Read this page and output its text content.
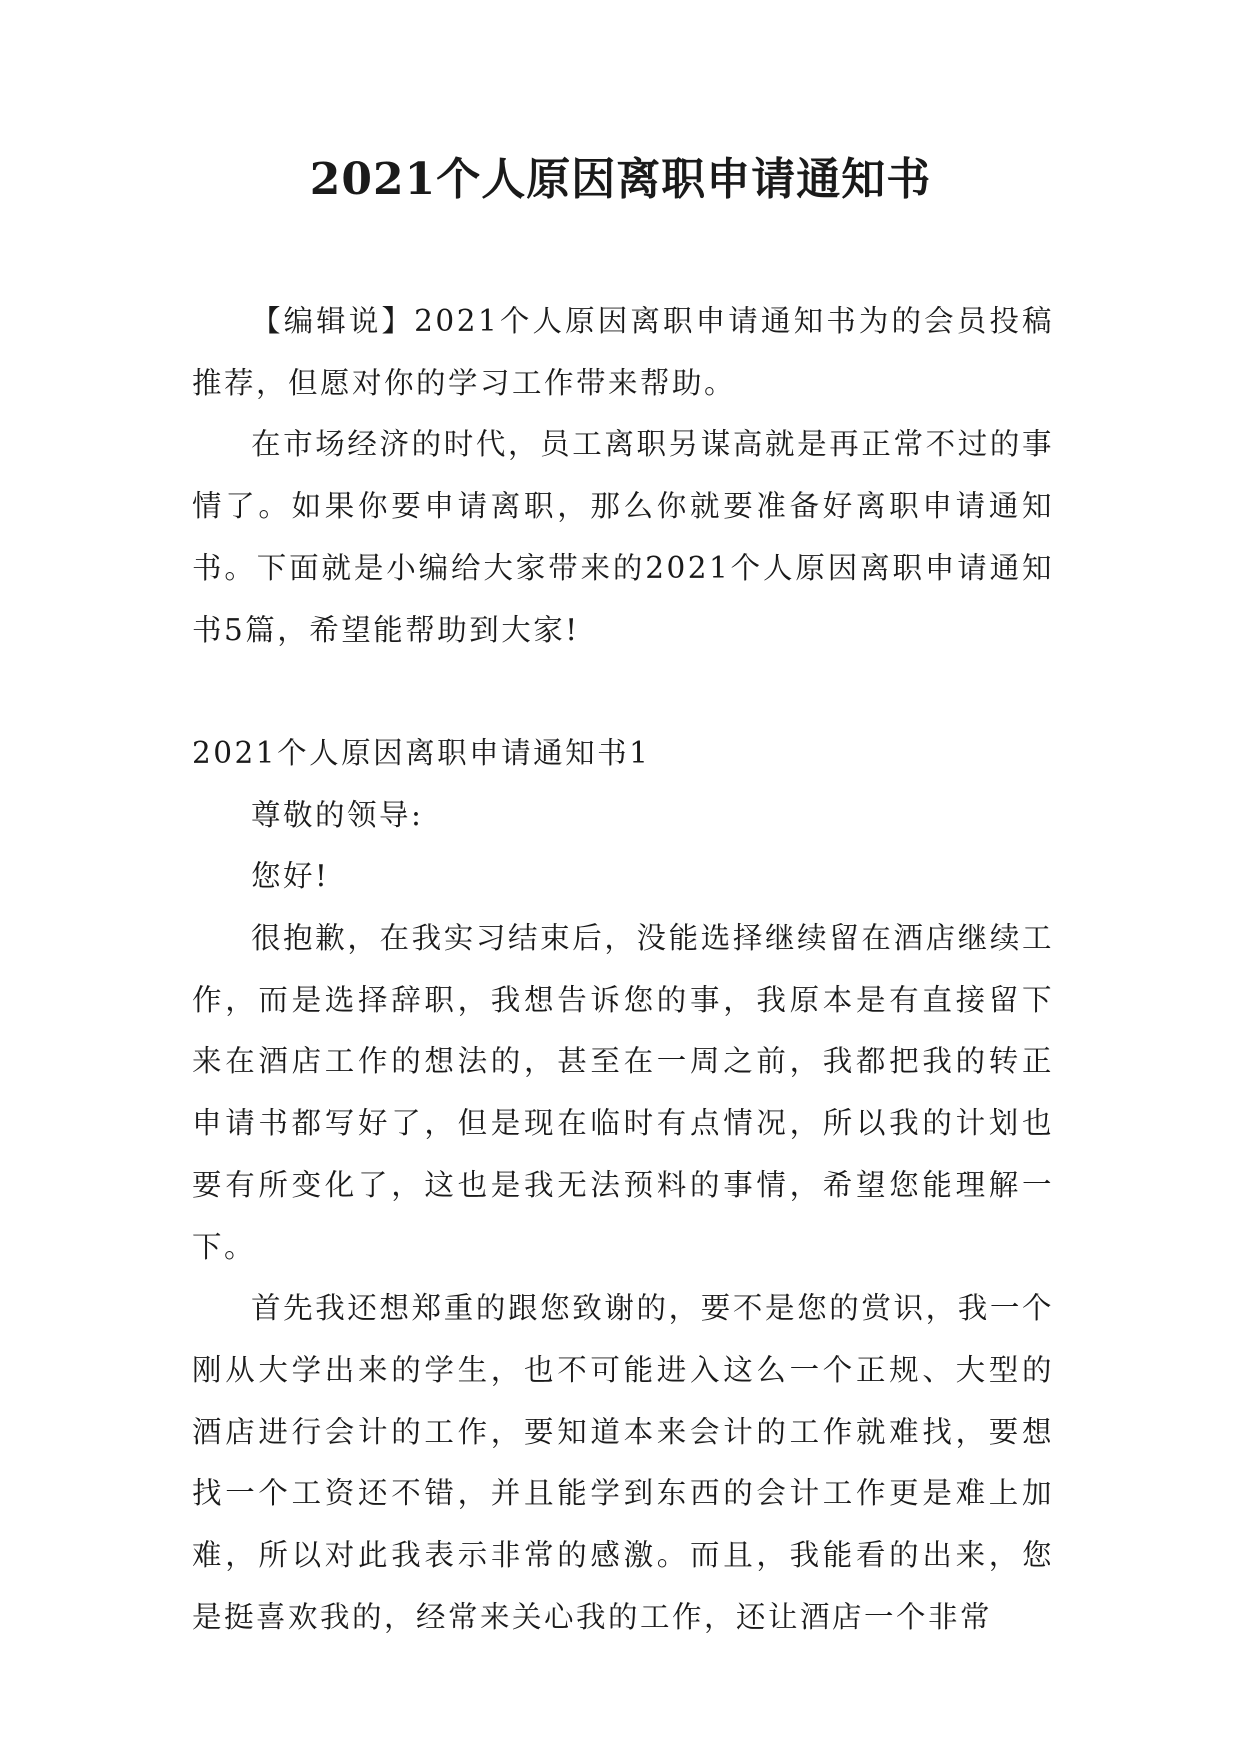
2021个人原因离职申请通知书

【编辑说】2021个人原因离职申请通知书为的会员投稿推荐，但愿对你的学习工作带来帮助。

在市场经济的时代，员工离职另谋高就是再正常不过的事情了。如果你要申请离职，那么你就要准备好离职申请通知书。下面就是小编给大家带来的2021个人原因离职申请通知书5篇，希望能帮助到大家!

2021个人原因离职申请通知书1

尊敬的领导:

您好!

很抱歉，在我实习结束后，没能选择继续留在酒店继续工作，而是选择辞职，我想告诉您的事，我原本是有直接留下来在酒店工作的想法的，甚至在一周之前，我都把我的转正申请书都写好了，但是现在临时有点情况，所以我的计划也要有所变化了，这也是我无法预料的事情，希望您能理解一下。

首先我还想郑重的跟您致谢的，要不是您的赏识，我一个刚从大学出来的学生，也不可能进入这么一个正规、大型的酒店进行会计的工作，要知道本来会计的工作就难找，要想找一个工资还不错，并且能学到东西的会计工作更是难上加难，所以对此我表示非常的感激。而且，我能看的出来，您是挺喜欢我的，经常来关心我的工作，还让酒店一个非常
